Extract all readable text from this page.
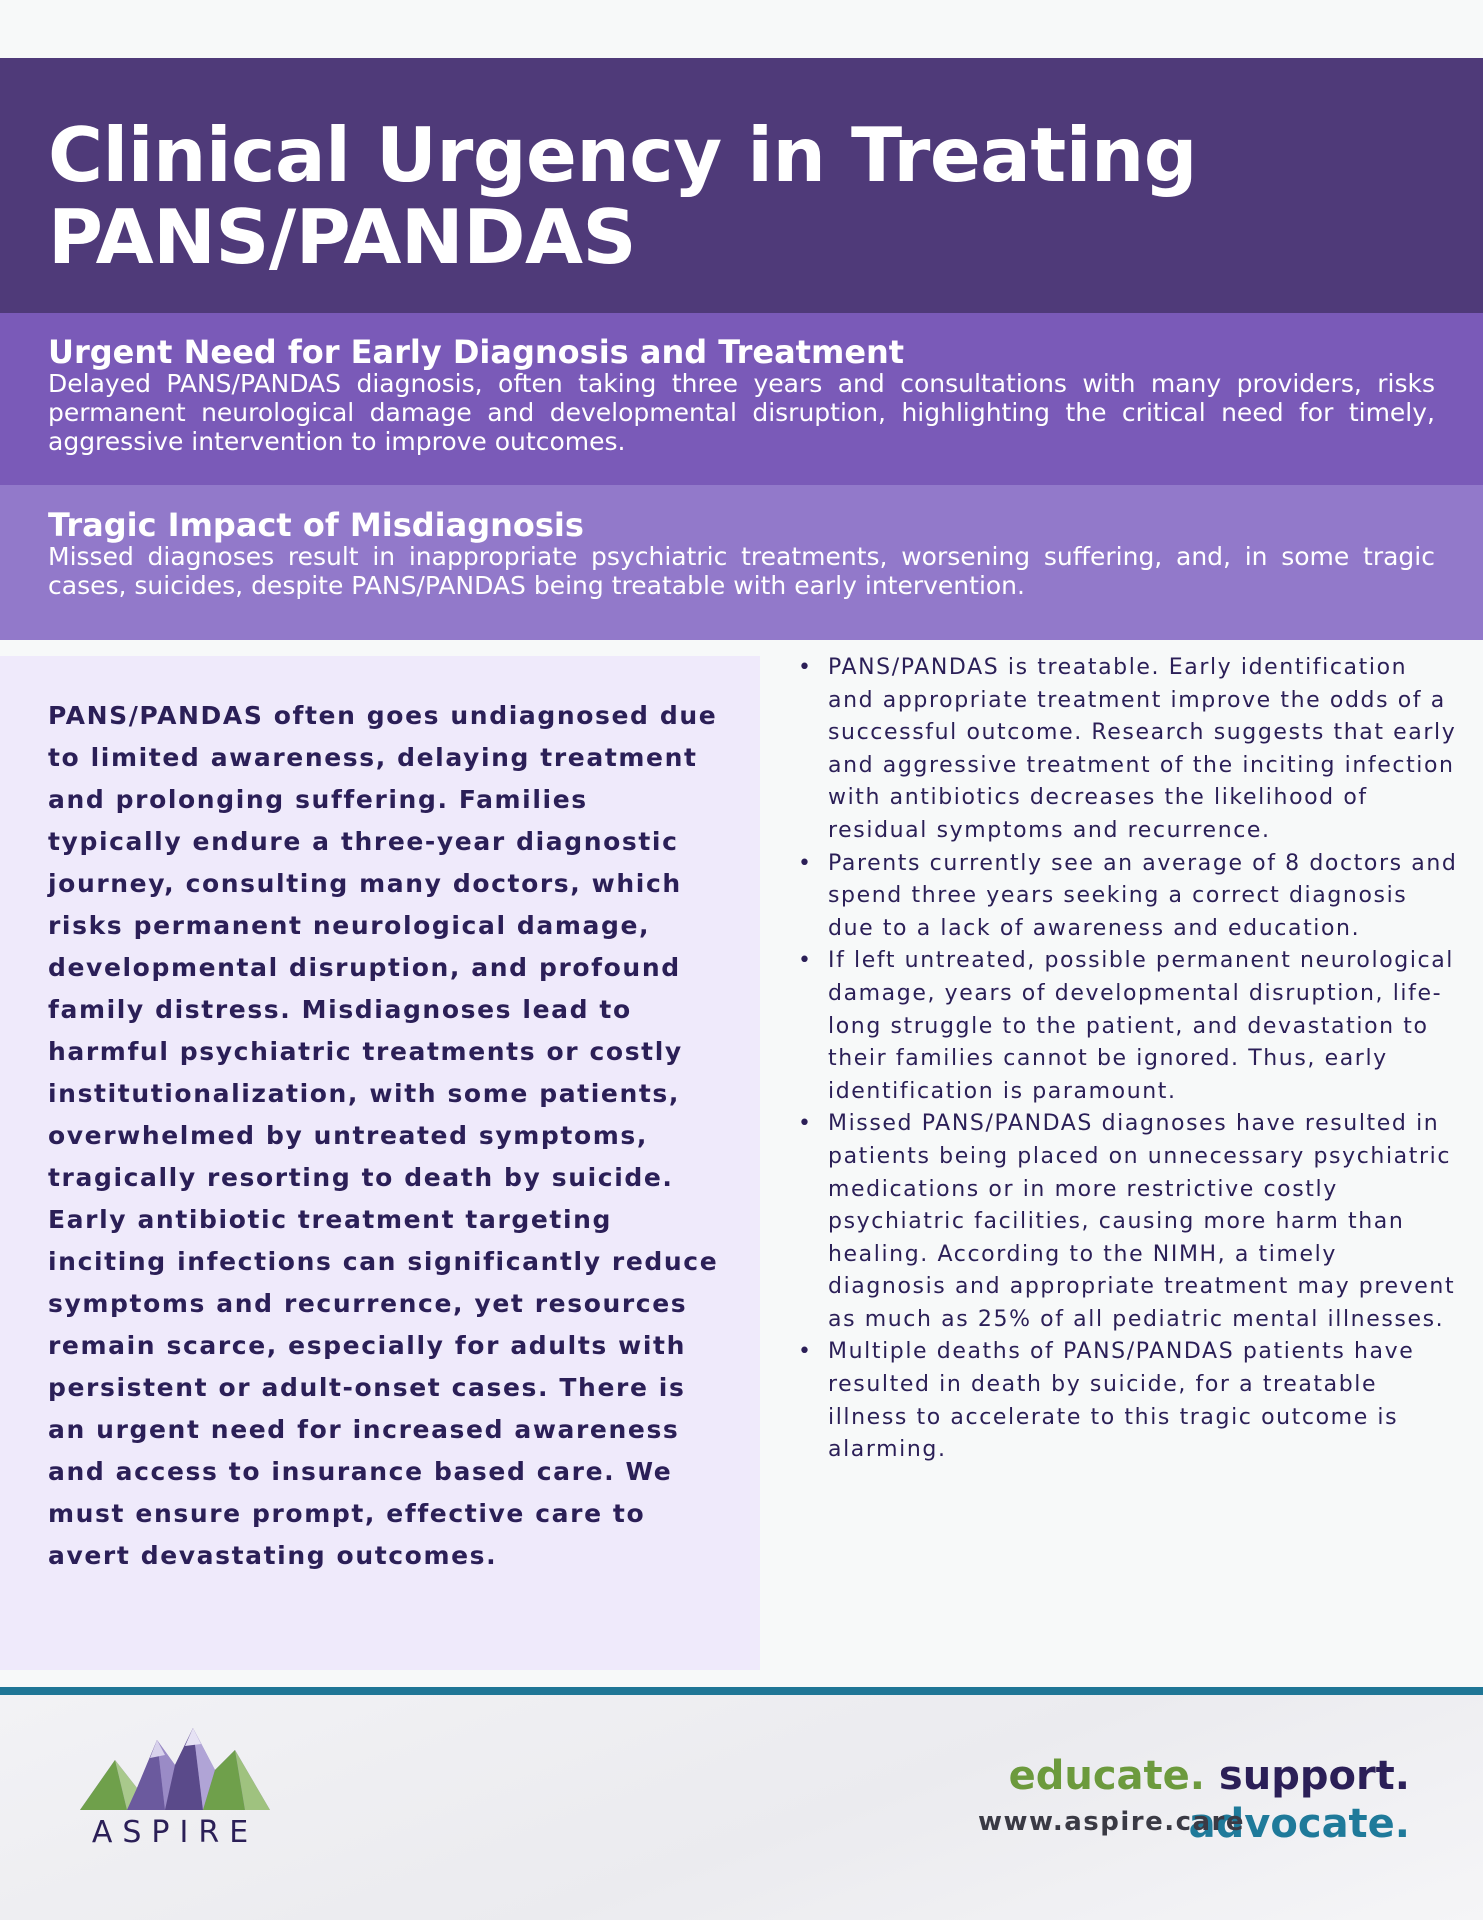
Clinical Urgency in Treating
PANS/PANDAS
Urgent Need for Early Diagnosis and Treatment

Delayed PANS/PANDAS diagnosis, often taking three years and consultations with many providers, risks permanent neurological damage and developmental disruption, highlighting the critical need for timely, aggressive intervention to improve outcomes.

Tragic Impact of Misdiagnosis

Missed diagnoses result in inappropriate psychiatric treatments, worsening suffering, and, in some tragic cases, suicides, despite PANS/PANDAS being treatable with early intervention.

PANS/PANDAS often goes undiagnosed due to limited awareness, delaying treatment and prolonging suffering. Families typically endure a three-year diagnostic journey, consulting many doctors, which risks permanent neurological damage, developmental disruption, and profound family distress. Misdiagnoses lead to harmful psychiatric treatments or costly institutionalization, with some patients, overwhelmed by untreated symptoms, tragically resorting to death by suicide. Early antibiotic treatment targeting inciting infections can significantly reduce symptoms and recurrence, yet resources remain scarce, especially for adults with persistent or adult-onset cases. There is an urgent need for increased awareness and access to insurance based care. We must ensure prompt, effective care to avert devastating outcomes.

• PANS/PANDAS is treatable. Early identification and appropriate treatment improve the odds of a successful outcome. Research suggests that early and aggressive treatment of the inciting infection with antibiotics decreases the likelihood of residual symptoms and recurrence.
• Parents currently see an average of 8 doctors and spend three years seeking a correct diagnosis due to a lack of awareness and education.
• If left untreated, possible permanent neurological damage, years of developmental disruption, life-long struggle to the patient, and devastation to their families cannot be ignored. Thus, early identification is paramount.
• Missed PANS/PANDAS diagnoses have resulted in patients being placed on unnecessary psychiatric medications or in more restrictive costly psychiatric facilities, causing more harm than healing. According to the NIMH, a timely diagnosis and appropriate treatment may prevent as much as 25% of all pediatric mental illnesses.
• Multiple deaths of PANS/PANDAS patients have resulted in death by suicide, for a treatable illness to accelerate to this tragic outcome is alarming.
ASPIRE
educate. support. advocate.
www.aspire.care
